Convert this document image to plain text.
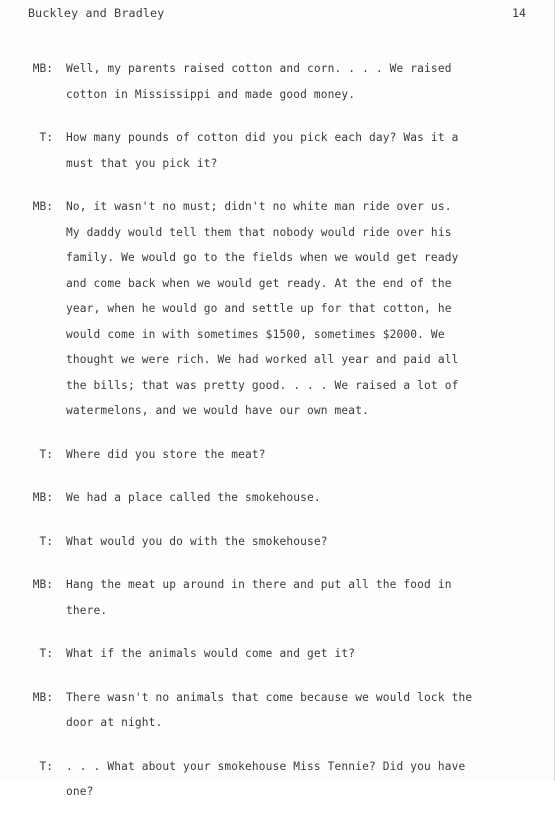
Buckley and Bradley	14
MB: Well, my parents raised cotton and corn. . . . We raised
cotton in Mississippi and made good money.
T: How many pounds of cotton did you pick each day? Was it a
must that you pick it?
MB: No, it wasn't no must; didn't no white man ride over us.
My daddy would tell them that nobody would ride over his
family. We would go to the fields when we would get ready
and come back when we would get ready. At the end of the
year, when he would go and settle up for that cotton, he
would come in with sometimes $1500, sometimes $2000. We
thought we were rich. We had worked all year and paid all
the bills; that was pretty good. . . . We raised a lot of
watermelons, and we would have our own meat.
T: Where did you store the meat?
MB: We had a place called the smokehouse.
T: What would you do with the smokehouse?
MB: Hang the meat up around in there and put all the food in
there.
T: What if the animals would come and get it?
MB: There wasn't no animals that come because we would lock the
door at night.
T: . . . What about your smokehouse Miss Tennie? Did you have
one?
